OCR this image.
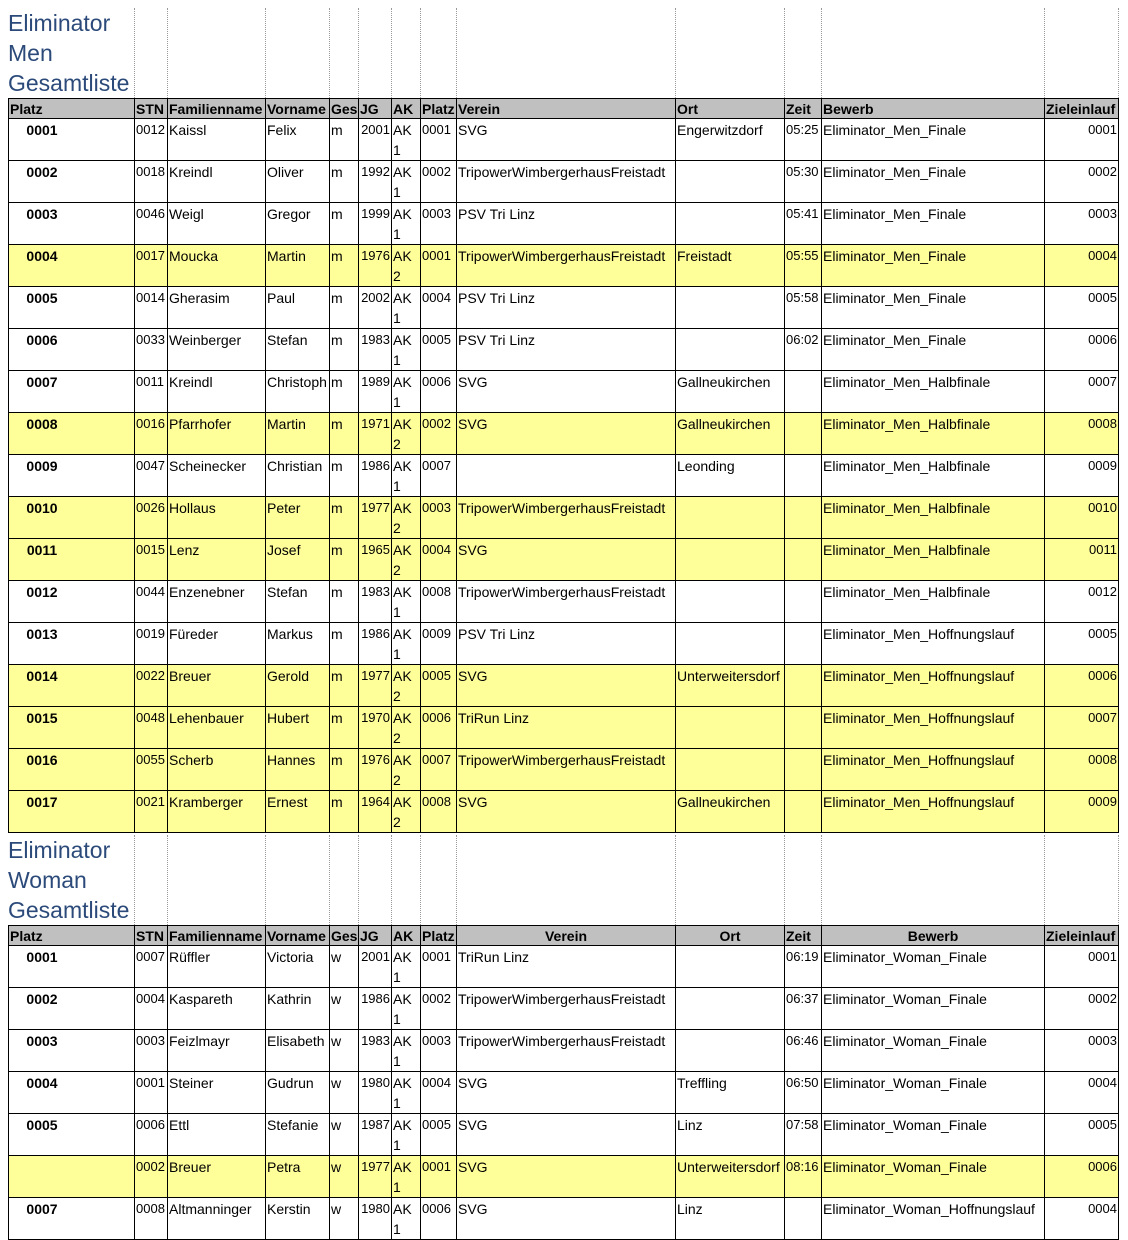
Eliminator
Men
Gesamtliste
Platz	STN	Familienname	Vorname	Ges	JG	AK	Platz	Verein	Ort	Zeit	Bewerb	Zieleinlauf
0001	0012	Kaissl	Felix	m	2001	AK 1	0001	SVG	Engerwitzdorf	05:25	Eliminator_Men_Finale	0001
0002	0018	Kreindl	Oliver	m	1992	AK 1	0002	TripowerWimbergerhausFreistadt		05:30	Eliminator_Men_Finale	0002
0003	0046	Weigl	Gregor	m	1999	AK 1	0003	PSV Tri Linz		05:41	Eliminator_Men_Finale	0003
0004	0017	Moucka	Martin	m	1976	AK 2	0001	TripowerWimbergerhausFreistadt	Freistadt	05:55	Eliminator_Men_Finale	0004
0005	0014	Gherasim	Paul	m	2002	AK 1	0004	PSV Tri Linz		05:58	Eliminator_Men_Finale	0005
0006	0033	Weinberger	Stefan	m	1983	AK 1	0005	PSV Tri Linz		06:02	Eliminator_Men_Finale	0006
0007	0011	Kreindl	Christoph	m	1989	AK 1	0006	SVG	Gallneukirchen		Eliminator_Men_Halbfinale	0007
0008	0016	Pfarrhofer	Martin	m	1971	AK 2	0002	SVG	Gallneukirchen		Eliminator_Men_Halbfinale	0008
0009	0047	Scheinecker	Christian	m	1986	AK 1	0007		Leonding		Eliminator_Men_Halbfinale	0009
0010	0026	Hollaus	Peter	m	1977	AK 2	0003	TripowerWimbergerhausFreistadt			Eliminator_Men_Halbfinale	0010
0011	0015	Lenz	Josef	m	1965	AK 2	0004	SVG			Eliminator_Men_Halbfinale	0011
0012	0044	Enzenebner	Stefan	m	1983	AK1	0008	TripowerWimbergerhausFreistadt			Eliminator_Men_Halbfinale	0012
0013	0019	Füreder	Markus	m	1986	AK1	0009	PSV Tri Linz			Eliminator_Men_Hoffnungslauf	0005
0014	0022	Breuer	Gerold	m	1977	AK 2	0005	SVG	Unterweitersdorf		Eliminator_Men_Hoffnungslauf	0006
0015	0048	Lehenbauer	Hubert	m	1970	AK 2	0006	TriRun Linz			Eliminator_Men_Hoffnungslauf	0007
0016	0055	Scherb	Hannes	m	1976	AK 2	0007	TripowerWimbergerhausFreistadt			Eliminator_Men_Hoffnungslauf	0008
0017	0021	Kramberger	Ernest	m	1964	AK 2	0008	SVG	Gallneukirchen		Eliminator_Men_Hoffnungslauf	0009
Eliminator
Woman
Gesamtliste
Platz	STN	Familienname	Vorname	Ges	JG	AK	Platz	Verein	Ort	Zeit	Bewerb	Zieleinlauf
0001	0007	Rüffler	Victoria	w	2001	AK 1	0001	TriRun Linz		06:19	Eliminator_Woman_Finale	0001
0002	0004	Kaspareth	Kathrin	w	1986	AK 1	0002	TripowerWimbergerhausFreistadt		06:37	Eliminator_Woman_Finale	0002
0003	0003	Feizlmayr	Elisabeth	w	1983	AK 1	0003	TripowerWimbergerhausFreistadt		06:46	Eliminator_Woman_Finale	0003
0004	0001	Steiner	Gudrun	w	1980	AK 1	0004	SVG	Treffling	06:50	Eliminator_Woman_Finale	0004
0005	0006	Ettl	Stefanie	w	1987	AK 1	0005	SVG	Linz	07:58	Eliminator_Woman_Finale	0005
	0002	Breuer	Petra	w	1977	AK 1	0001	SVG	Unterweitersdorf	08:16	Eliminator_Woman_Finale	0006
0007	0008	Altmanninger	Kerstin	w	1980	AK 1	0006	SVG	Linz		Eliminator_Woman_Hoffnungslauf	0004
